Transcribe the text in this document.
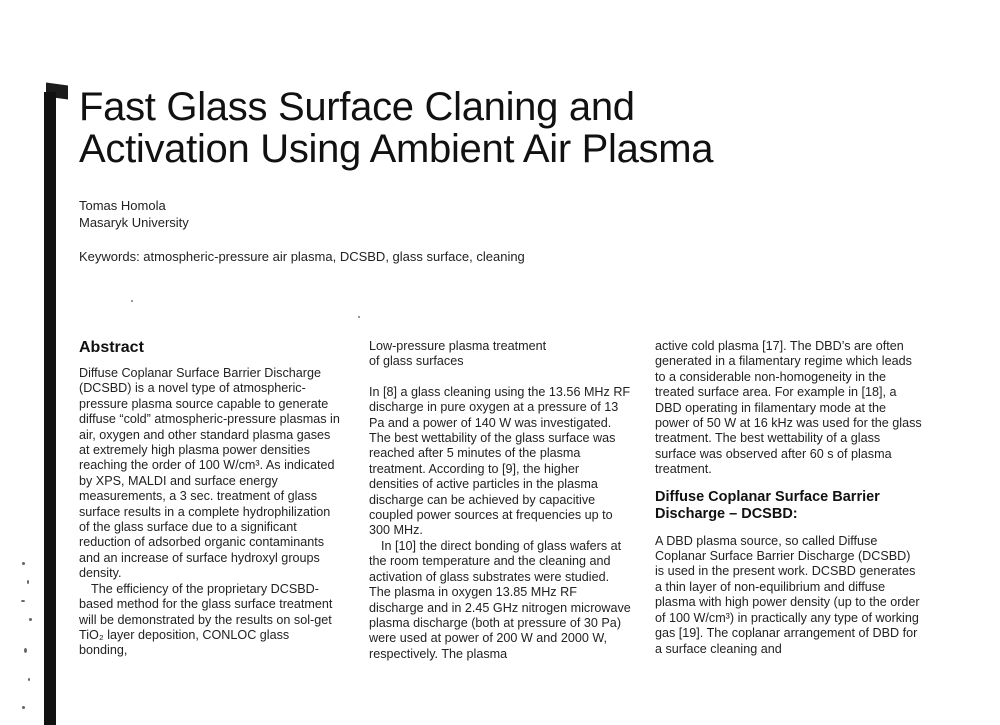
Fast Glass Surface Claning and
Activation Using Ambient Air Plasma
Tomas Homola
Masaryk University
Keywords: atmospheric-pressure air plasma, DCSBD, glass surface, cleaning
Abstract

Diffuse Coplanar Surface Barrier Discharge (DCSBD) is a novel type of atmospheric-pressure plasma source capable to generate diffuse “cold” atmospheric-pressure plasmas in air, oxygen and other standard plasma gases at extremely high plasma power densities reaching the order of 100 W/cm³. As indicated by XPS, MALDI and surface energy measurements, a 3 sec. treatment of glass surface results in a complete hydrophilization of the glass surface due to a significant reduction of adsorbed organic contaminants and an increase of surface hydroxyl groups density.

The efficiency of the proprietary DCSBD-based method for the glass surface treatment will be demonstrated by the results on sol-get TiO₂ layer deposition, CONLOC glass bonding,

Low-pressure plasma treatment
of glass surfaces

In [8] a glass cleaning using the 13.56 MHz RF discharge in pure oxygen at a pressure of 13 Pa and a power of 140 W was investigated. The best wettability of the glass surface was reached after 5 minutes of the plasma treatment. According to [9], the higher densities of active particles in the plasma discharge can be achieved by capacitive coupled power sources at frequencies up to 300 MHz.

In [10] the direct bonding of glass wafers at the room temperature and the cleaning and activation of glass substrates were studied. The plasma in oxygen 13.85 MHz RF discharge and in 2.45 GHz nitrogen microwave plasma discharge (both at pressure of 30 Pa) were used at power of 200 W and 2000 W, respectively. The plasma

active cold plasma [17]. The DBD’s are often generated in a filamentary regime which leads to a considerable non-homogeneity in the treated surface area. For example in [18], a DBD operating in filamentary mode at the power of 50 W at 16 kHz was used for the glass treatment. The best wettability of a glass surface was observed after 60 s of plasma treatment.

Diffuse Coplanar Surface Barrier
Discharge – DCSBD:

A DBD plasma source, so called Diffuse Coplanar Surface Barrier Discharge (DCSBD) is used in the present work. DCSBD generates a thin layer of non-equilibrium and diffuse plasma with high power density (up to the order of 100 W/cm³) in practically any type of working gas [19]. The coplanar arrangement of DBD for a surface cleaning and
